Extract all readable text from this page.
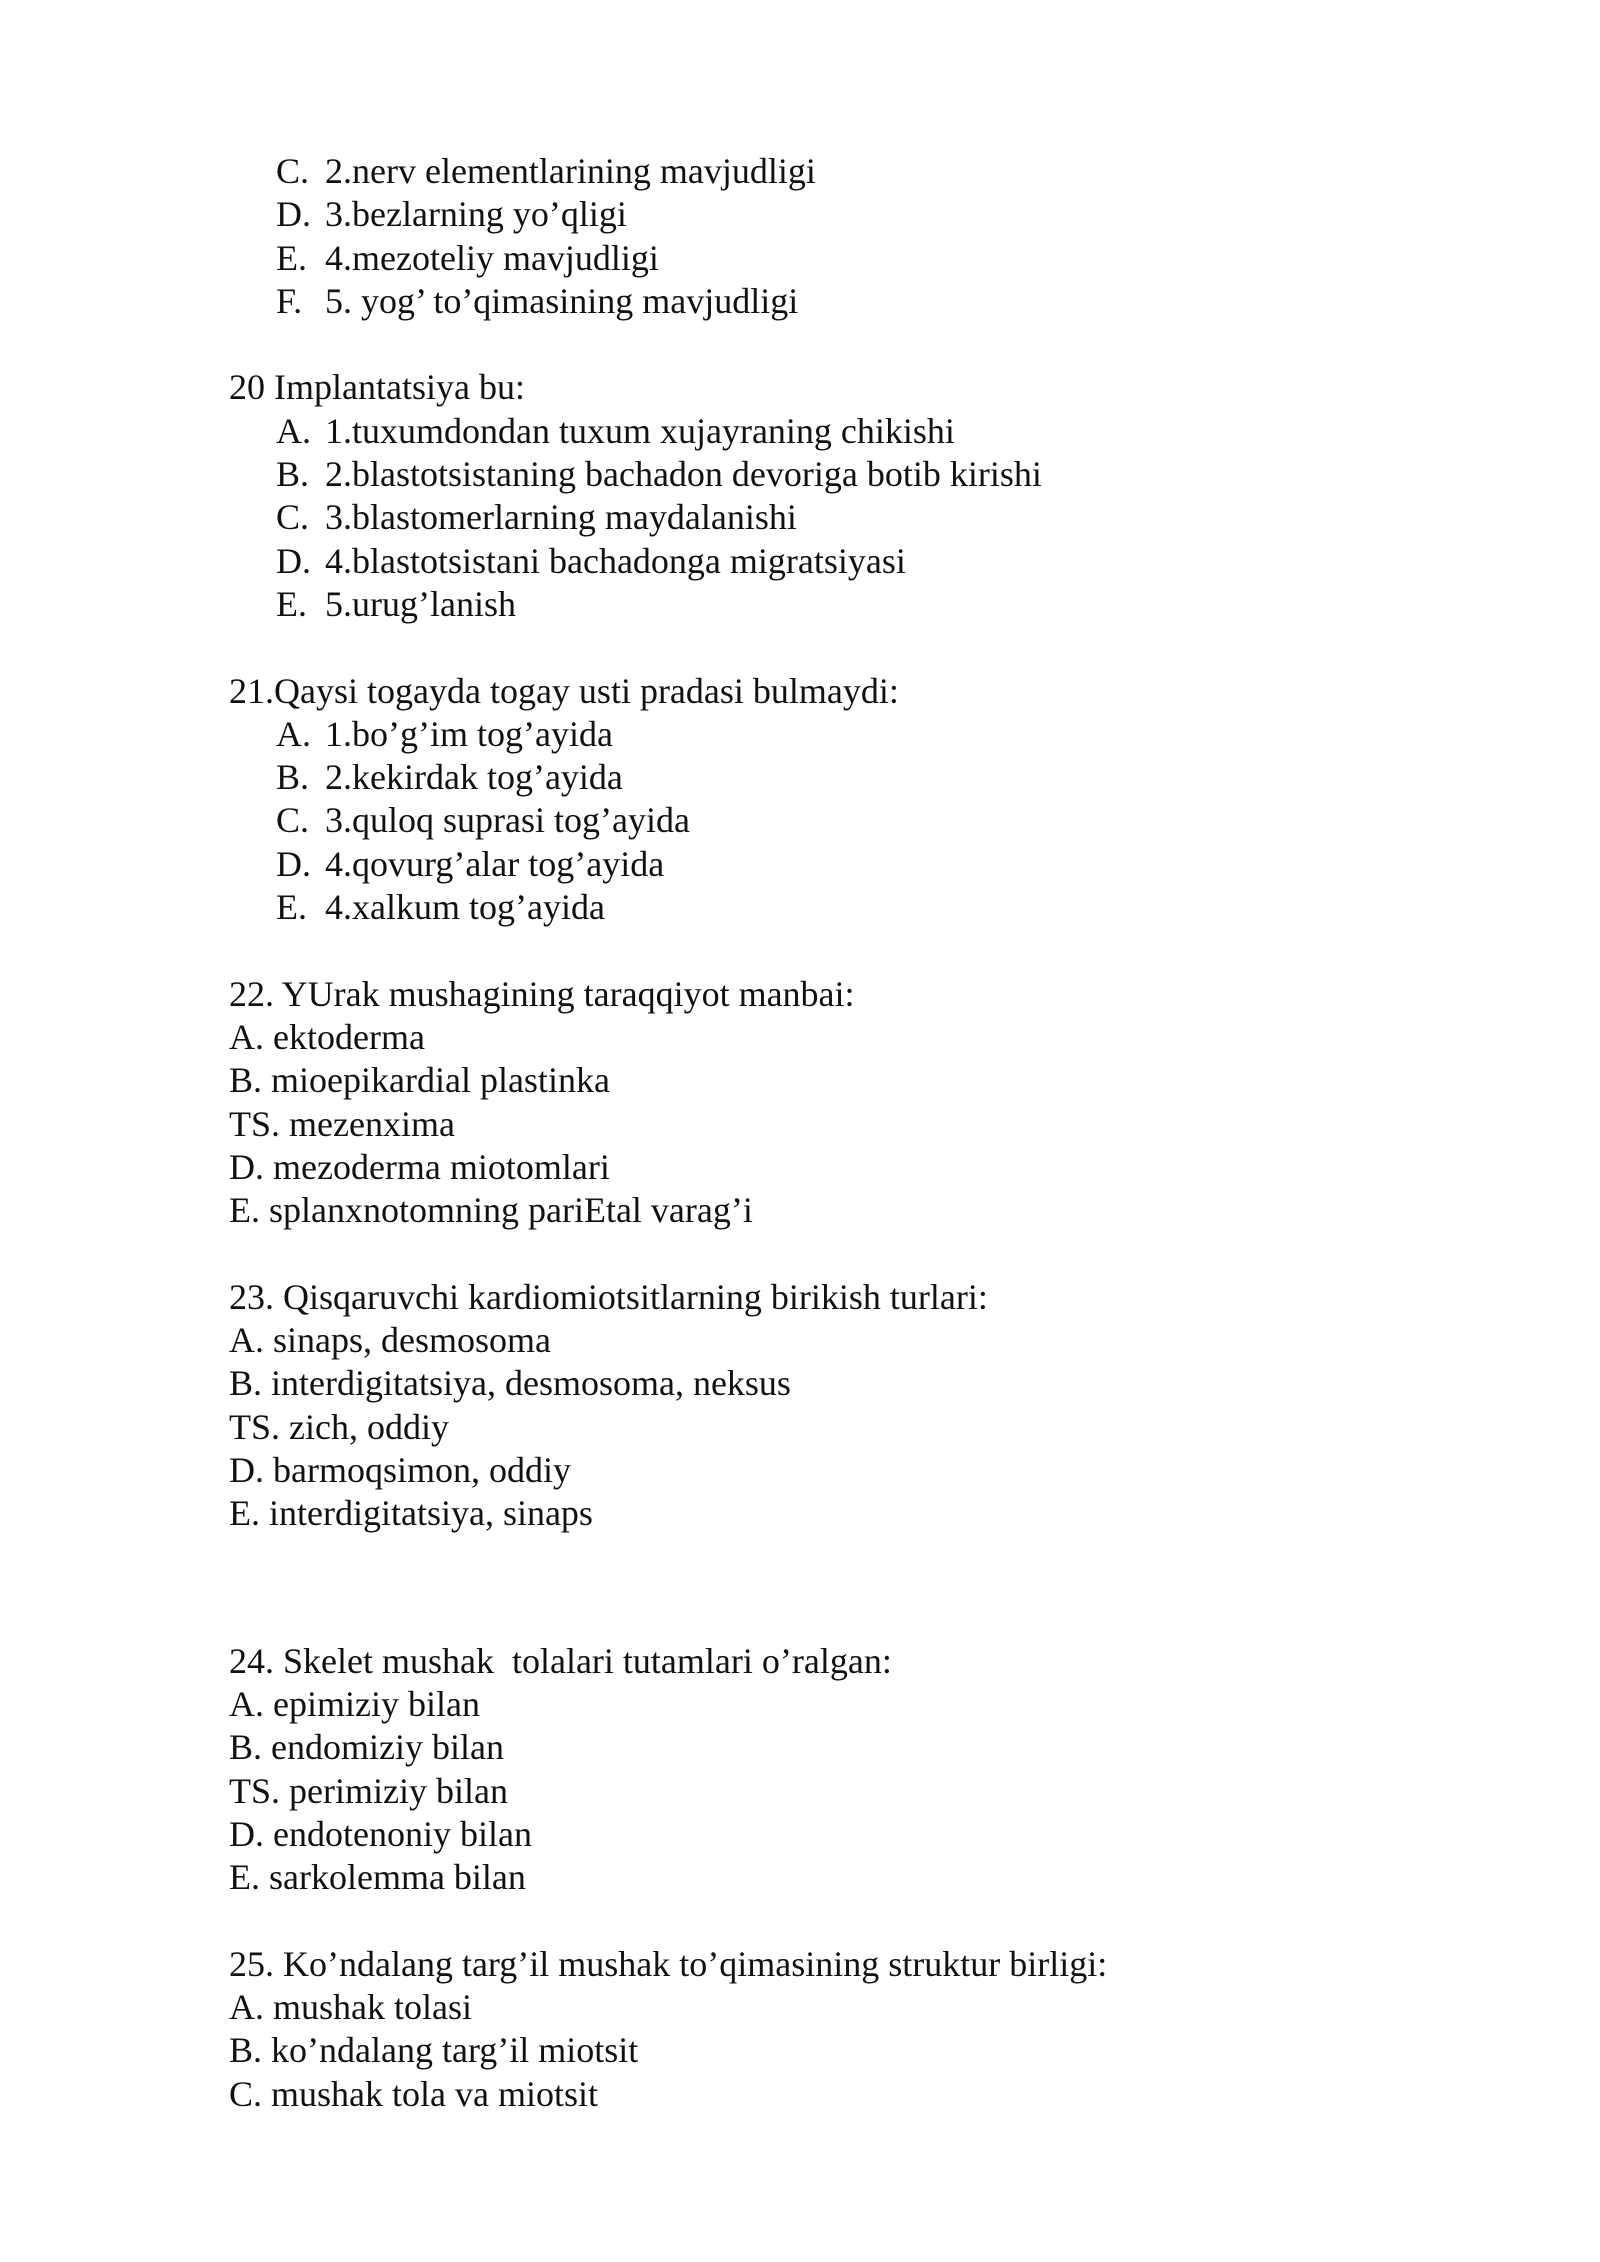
C. 2.nerv elementlarining mavjudligi
D. 3.bezlarning yo’qligi
E. 4.mezoteliy mavjudligi
F. 5. yog’ to’qimasining mavjudligi
20 Implantatsiya bu:
A. 1.tuxumdondan tuxum xujayraning chikishi
B. 2.blastotsistaning bachadon devoriga botib kirishi
C. 3.blastomerlarning maydalanishi
D. 4.blastotsistani bachadonga migratsiyasi
E. 5.urug’lanish
21.Qaysi togayda togay usti pradasi bulmaydi:
A. 1.bo’g’im tog’ayida
B. 2.kekirdak tog’ayida
C. 3.quloq suprasi tog’ayida
D. 4.qovurg’alar tog’ayida
E. 4.xalkum tog’ayida
22. YUrak mushagining taraqqiyot manbai:
A. ektoderma
B. mioepikardial plastinka
TS. mezenxima
D. mezoderma miotomlari
E. splanxnotomning pariEtal varag’i
23. Qisqaruvchi kardiomiotsitlarning birikish turlari:
A. sinaps, desmosoma
B. interdigitatsiya, desmosoma, neksus
TS. zich, oddiy
D. barmoqsimon, oddiy
E. interdigitatsiya, sinaps
24. Skelet mushak  tolalari tutamlari o’ralgan:
A. epimiziy bilan
B. endomiziy bilan
TS. perimiziy bilan
D. endotenoniy bilan
E. sarkolemma bilan
25. Ko’ndalang targ’il mushak to’qimasining struktur birligi:
A. mushak tolasi
B. ko’ndalang targ’il miotsit
C. mushak tola va miotsit
